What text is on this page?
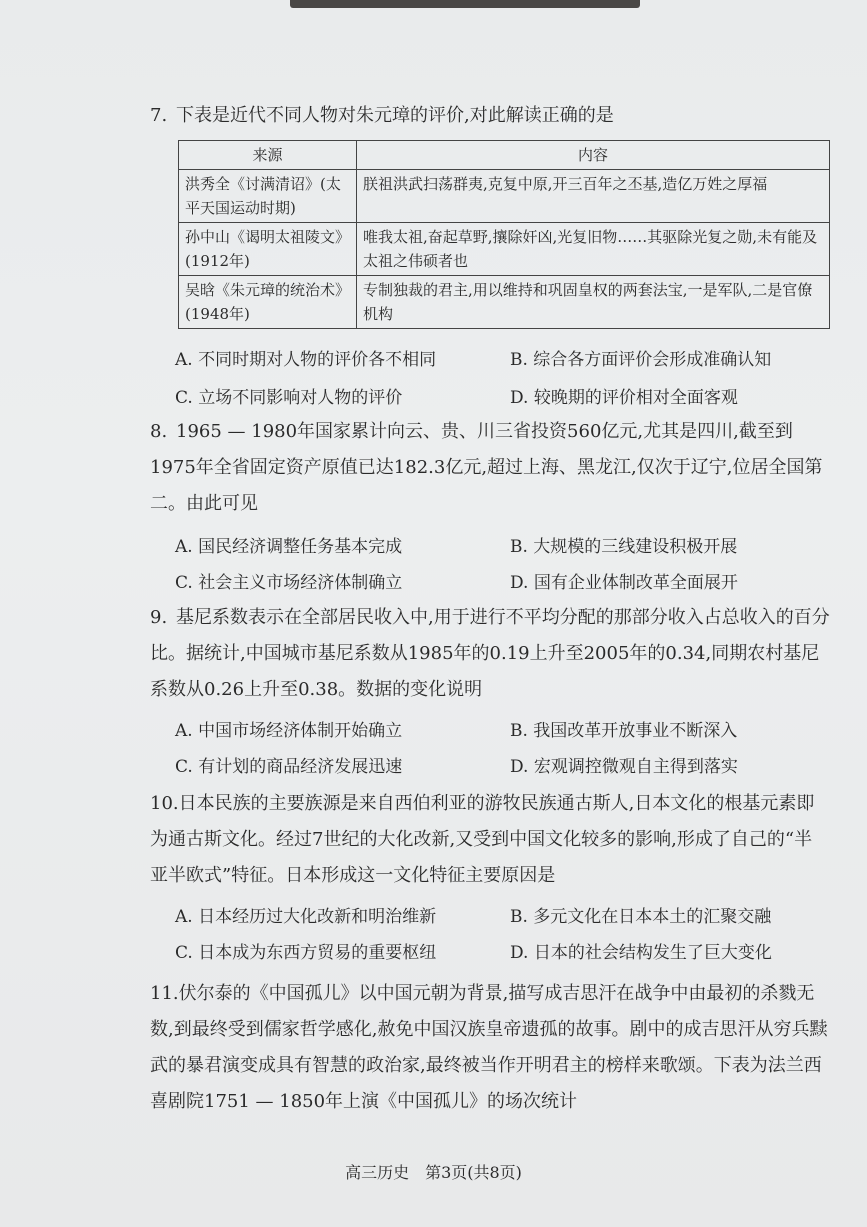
7. 下表是近代不同人物对朱元璋的评价,对此解读正确的是

来源	内容
洪秀全《讨满清诏》(太平天国运动时期)	朕祖洪武扫荡群夷,克复中原,开三百年之丕基,造亿万姓之厚福
孙中山《谒明太祖陵文》(1912年)	唯我太祖,奋起草野,攘除奸凶,光复旧物……其驱除光复之勋,未有能及太祖之伟硕者也
吴晗《朱元璋的统治术》(1948年)	专制独裁的君主,用以维持和巩固皇权的两套法宝,一是军队,二是官僚机构
A. 不同时期对人物的评价各不相同	B. 综合各方面评价会形成准确认知
C. 立场不同影响对人物的评价	D. 较晚期的评价相对全面客观

8. 1965 — 1980年国家累计向云、贵、川三省投资560亿元,尤其是四川,截至到1975年全省固定资产原值已达182.3亿元,超过上海、黑龙江,仅次于辽宁,位居全国第二。由此可见

A. 国民经济调整任务基本完成	B. 大规模的三线建设积极开展
C. 社会主义市场经济体制确立	D. 国有企业体制改革全面展开

9. 基尼系数表示在全部居民收入中,用于进行不平均分配的那部分收入占总收入的百分比。据统计,中国城市基尼系数从1985年的0.19上升至2005年的0.34,同期农村基尼系数从0.26上升至0.38。数据的变化说明

A. 中国市场经济体制开始确立	B. 我国改革开放事业不断深入
C. 有计划的商品经济发展迅速	D. 宏观调控微观自主得到落实

10.日本民族的主要族源是来自西伯利亚的游牧民族通古斯人,日本文化的根基元素即为通古斯文化。经过7世纪的大化改新,又受到中国文化较多的影响,形成了自己的“半亚半欧式”特征。日本形成这一文化特征主要原因是

A. 日本经历过大化改新和明治维新	B. 多元文化在日本本土的汇聚交融
C. 日本成为东西方贸易的重要枢纽	D. 日本的社会结构发生了巨大变化

11.伏尔泰的《中国孤儿》以中国元朝为背景,描写成吉思汗在战争中由最初的杀戮无数,到最终受到儒家哲学感化,赦免中国汉族皇帝遗孤的故事。剧中的成吉思汗从穷兵黩武的暴君演变成具有智慧的政治家,最终被当作开明君主的榜样来歌颂。下表为法兰西喜剧院1751 — 1850年上演《中国孤儿》的场次统计

高三历史　第3页(共8页)
